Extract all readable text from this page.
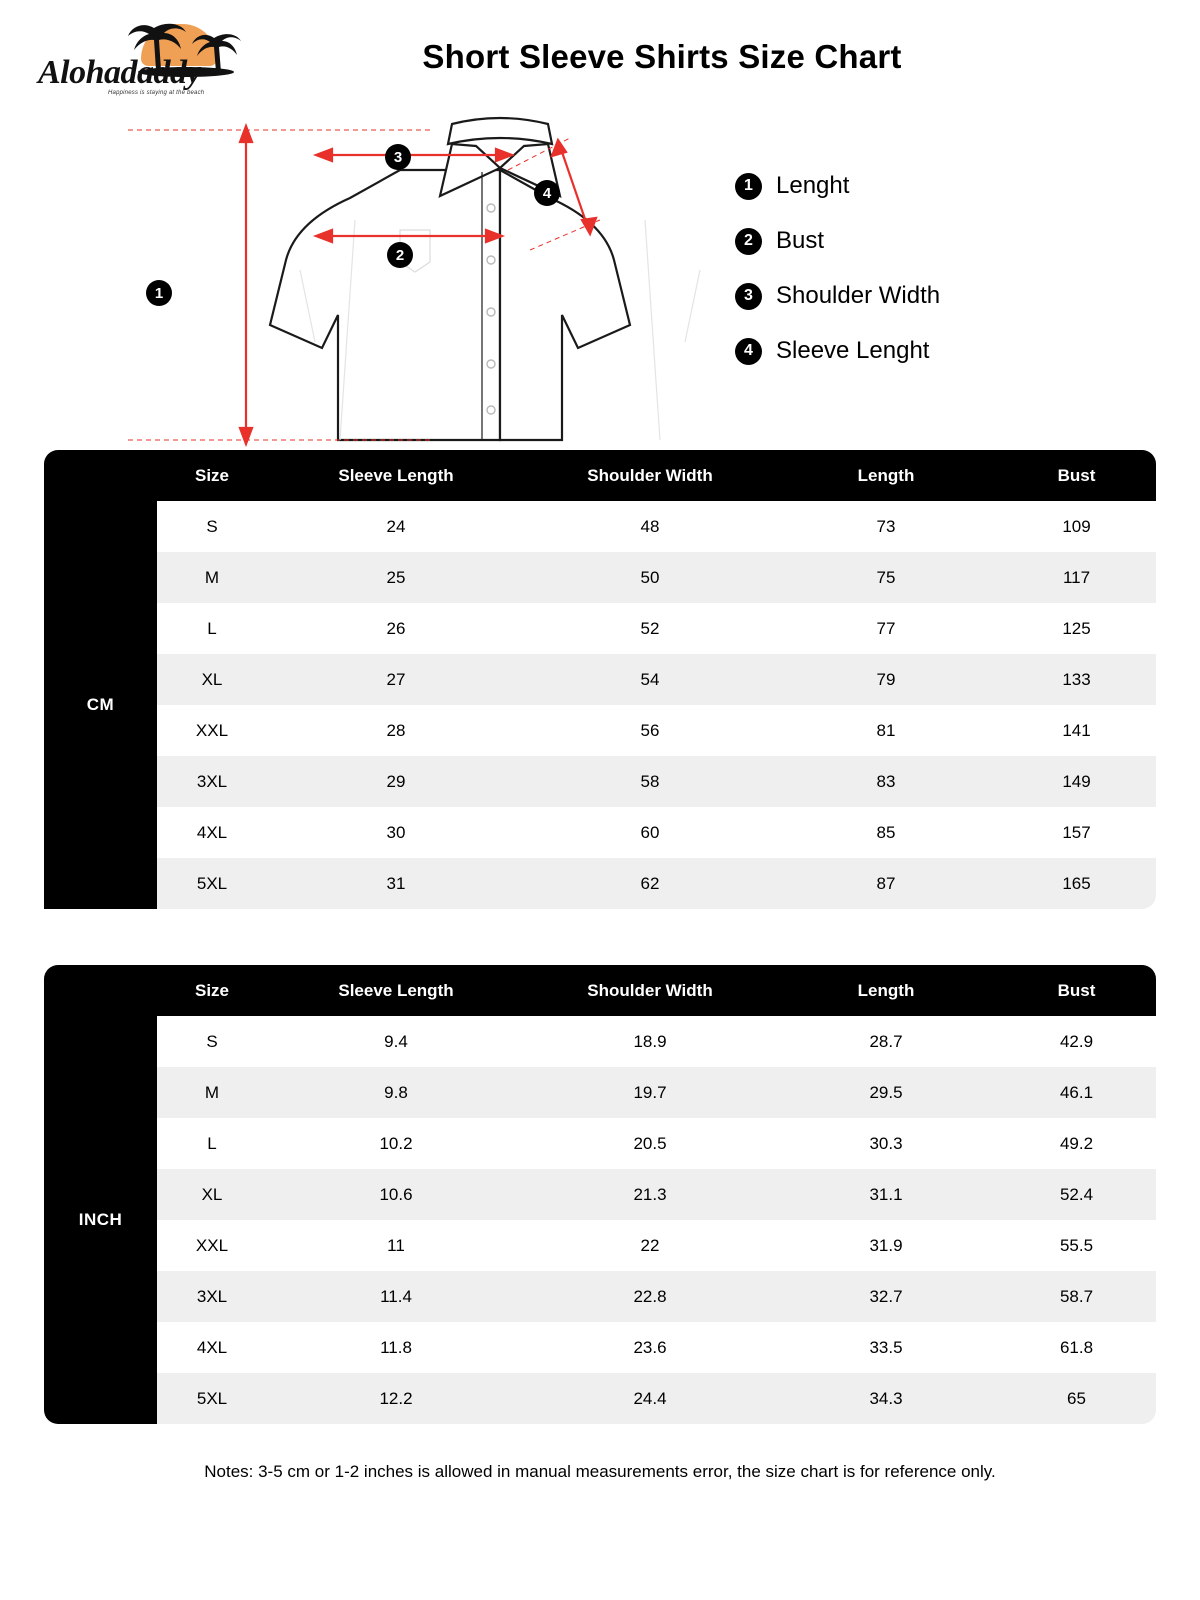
Alohadaddy
Happiness is staying at the beach
Short Sleeve Shirts Size Chart
1
2
3
4	1 Lenght
2 Bust
3 Shoulder Width
4 Sleeve Lenght
	Size	Sleeve Length	Shoulder Width	Length	Bust
CM	S	24	48	73	109
	M	25	50	75	117
	L	26	52	77	125
	XL	27	54	79	133
	XXL	28	56	81	141
	3XL	29	58	83	149
	4XL	30	60	85	157
	5XL	31	62	87	165
	Size	Sleeve Length	Shoulder Width	Length	Bust
INCH	S	9.4	18.9	28.7	42.9
	M	9.8	19.7	29.5	46.1
	L	10.2	20.5	30.3	49.2
	XL	10.6	21.3	31.1	52.4
	XXL	11	22	31.9	55.5
	3XL	11.4	22.8	32.7	58.7
	4XL	11.8	23.6	33.5	61.8
	5XL	12.2	24.4	34.3	65
Notes: 3-5 cm or 1-2 inches is allowed in manual measurements error, the size chart is for reference only.
